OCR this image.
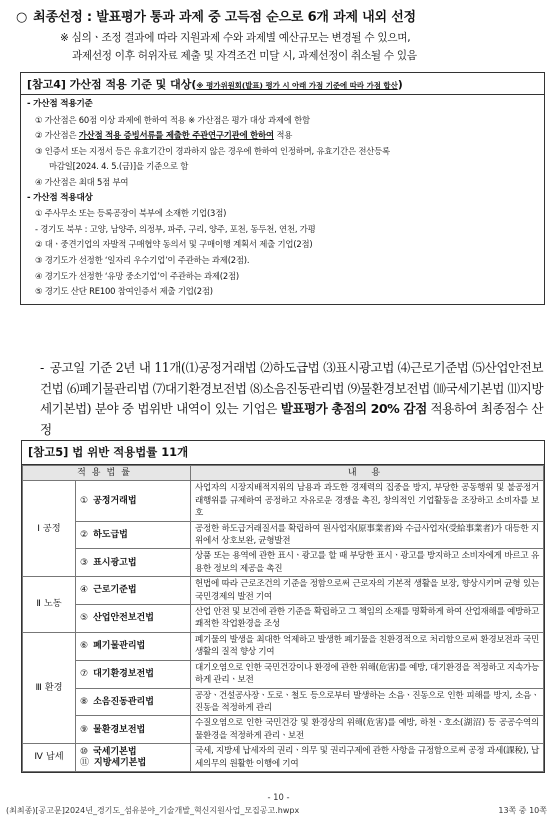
○ 최종선정 : 발표평가 통과 과제 중 고득점 순으로 6개 과제 내외 선정
※ 심의ㆍ조정 결과에 따라 지원과제 수와 과제별 예산규모는 변경될 수 있으며,
과제선정 이후 허위자료 제출 및 자격조건 미달 시, 과제선정이 취소될 수 있음
[참고4] 가산점 적용 기준 및 대상(※ 평가위원회(발표) 평가 시 아래 가점 기준에 따라 가점 합산)
- 가산점 적용기준
① 가산점은 60점 이상 과제에 한하여 적용 ※ 가산점은 평가 대상 과제에 한함
② 가산점은 가산점 적용 증빙서류를 제출한 주관연구기관에 한하여 적용
③ 인증서 또는 지정서 등은 유효기간이 경과하지 않은 경우에 한하여 인정하며, 유효기간은 전산등록
마감일[2024. 4. 5.(금)]을 기준으로 함
④ 가산점은 최대 5점 부여
- 가산점 적용대상
① 주사무소 또는 등록공장이 북부에 소재한 기업(3점)
- 경기도 북부 : 고양, 남양주, 의정부, 파주, 구리, 양주, 포천, 동두천, 연천, 가평
② 대ㆍ중견기업의 자발적 구매협약 동의서 및 구매이행 계획서 제출 기업(2점)
③ 경기도가 선정한 ‘일자리 우수기업’이 주관하는 과제(2점).
④ 경기도가 선정한 ‘유망 중소기업’이 주관하는 과제(2점)
⑤ 경기도 산단 RE100 참여인증서 제출 기업(2점)
- 공고일 기준 2년 내 11개(⑴공정거래법 ⑵하도급법 ⑶표시광고법 ⑷근로기준법 ⑸산업안전보건법 ⑹폐기물관리법 ⑺대기환경보전법 ⑻소음진동관리법 ⑼물환경보전법 ⑽국세기본법 ⑾지방세기본법) 분야 중 법위반 내역이 있는 기업은 발표평가 총점의 20% 감점 적용하여 최종점수 산정
[참고5] 법 위반 적용법률 11개
적용법률		내 용
Ⅰ 공정	① 공정거래법	사업자의 시장지배적지위의 남용과 과도한 경제력의 집중을 방지, 부당한 공동행위 및 불공정거래행위를 규제하여 공정하고 자유로운 경쟁을 촉진, 창의적인 기업활동을 조장하고 소비자를 보호
	② 하도급법	공정한 하도급거래질서를 확립하여 원사업자(原事業者)와 수급사업자(受給事業者)가 대등한 지위에서 상호보완, 균형발전
	③ 표시광고법	상품 또는 용역에 관한 표시ㆍ광고를 할 때 부당한 표시ㆍ광고를 방지하고 소비자에게 바르고 유용한 정보의 제공을 촉진
Ⅱ 노동	④ 근로기준법	헌법에 따라 근로조건의 기준을 정함으로써 근로자의 기본적 생활을 보장, 향상시키며 균형 있는 국민경제의 발전 기여
	⑤ 산업안전보건법	산업 안전 및 보건에 관한 기준을 확립하고 그 책임의 소재를 명확하게 하여 산업재해를 예방하고 쾌적한 작업환경을 조성
Ⅲ 환경	⑥ 폐기물관리법	폐기물의 발생을 최대한 억제하고 발생한 폐기물을 친환경적으로 처리함으로써 환경보전과 국민생활의 질적 향상 기여
	⑦ 대기환경보전법	대기오염으로 인한 국민건강이나 환경에 관한 위해(危害)를 예방, 대기환경을 적정하고 지속가능하게 관리ㆍ보전
	⑧ 소음진동관리법	공장ㆍ건설공사장ㆍ도로ㆍ철도 등으로부터 발생하는 소음ㆍ진동으로 인한 피해를 방지, 소음ㆍ진동을 적정하게 관리
	⑨ 물환경보전법	수질오염으로 인한 국민건강 및 환경상의 위해(危害)를 예방, 하천ㆍ호소(湖沼) 등 공공수역의 물환경을 적정하게 관리ㆍ보전
Ⅳ 납세	⑩ 국세기본법
⑪ 지방세기본법	국세, 지방세 납세자의 권리ㆍ의무 및 권리구제에 관한 사항을 규정함으로써 공정 과세(課稅), 납세의무의 원활한 이행에 기여
- 10 -
(최최종)[공고문]2024년_경기도_섬유분야_기술개발_혁신지원사업_모집공고.hwpx	13쪽 중 10쪽
